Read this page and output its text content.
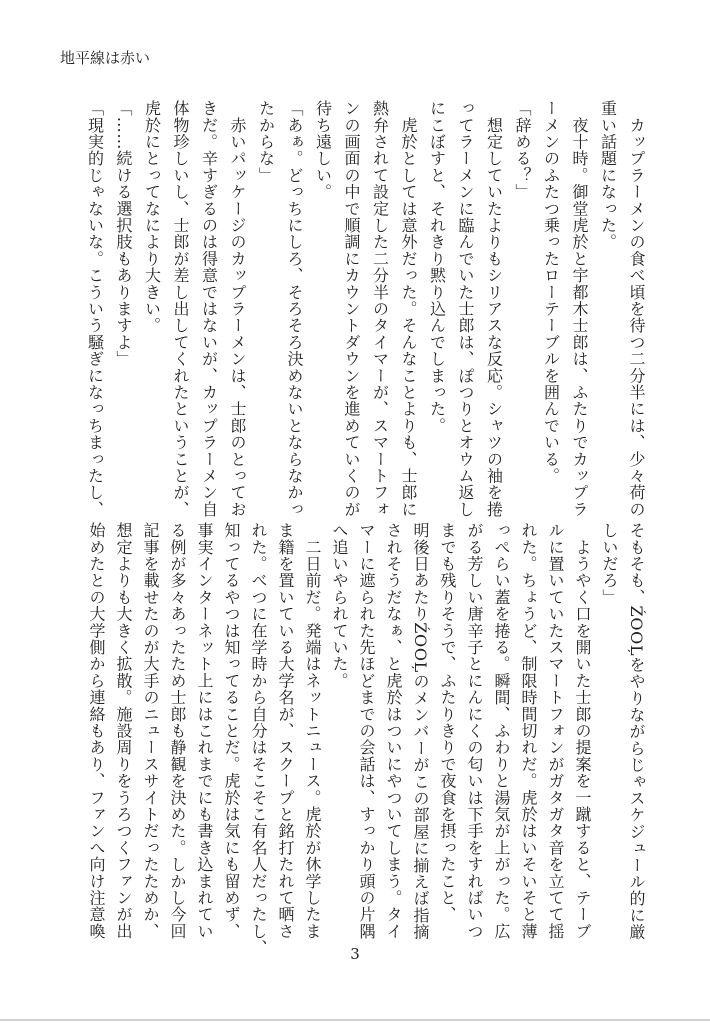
地平線は赤い
　カップラーメンの食べ頃を待つ二分半には、少々荷の
重い話題になった。
　夜十時。御堂虎於と宇都木士郎は、ふたりでカップラ
ーメンのふたつ乗ったローテーブルを囲んでいる。
「辞める？」
　想定していたよりもシリアスな反応。シャツの袖を捲
ってラーメンに臨んでいた士郎は、ぽつりとオウム返し
にこぼすと、それきり黙り込んでしまった。
　虎於としては意外だった。そんなことよりも、士郎に
熱弁されて設定した二分半のタイマーが、スマートフォ
ンの画面の中で順調にカウントダウンを進めていくのが
待ち遠しい。
「あぁ。どっちにしろ、そろそろ決めないとならなかっ
たからな」
　赤いパッケージのカップラーメンは、士郎のとってお
きだ。辛すぎるのは得意ではないが、カップラーメン自
体物珍しいし、士郎が差し出してくれたということが、
虎於にとってなにより大きい。
「……続ける選択肢もありますよ」
「現実的じゃないな。こういう騒ぎになっちまったし、
そもそも、ŹOOĻをやりながらじゃスケジュール的に厳
しいだろ」
　ようやく口を開いた士郎の提案を一蹴すると、テーブ
ルに置いていたスマートフォンがガタガタ音を立てて揺
れた。ちょうど、制限時間切れだ。虎於はいそいそと薄
っぺらい蓋を捲る。瞬間、ふわりと湯気が上がった。広
がる芳しい唐辛子とにんにくの匂いは下手をすればいつ
までも残りそうで、ふたりきりで夜食を摂ったこと、
明後日あたりŹOOĻのメンバーがこの部屋に揃えば指摘
されそうだなぁ、と虎於はついにやついてしまう。タイ
マーに遮られた先ほどまでの会話は、すっかり頭の片隅
へ追いやられていた。
　二日前だ。発端はネットニュース。虎於が休学したま
ま籍を置いている大学名が、スクープと銘打たれて晒さ
れた。べつに在学時から自分はそこそこ有名人だったし、
知ってるやつは知ってることだ。虎於は気にも留めず、
事実インターネット上にはこれまでにも書き込まれてい
る例が多々あったため士郎も静観を決めた。しかし今回
記事を載せたのが大手のニュースサイトだったためか、
想定よりも大きく拡散。施設周りをうろつくファンが出
始めたとの大学側から連絡もあり、ファンへ向け注意喚
3
